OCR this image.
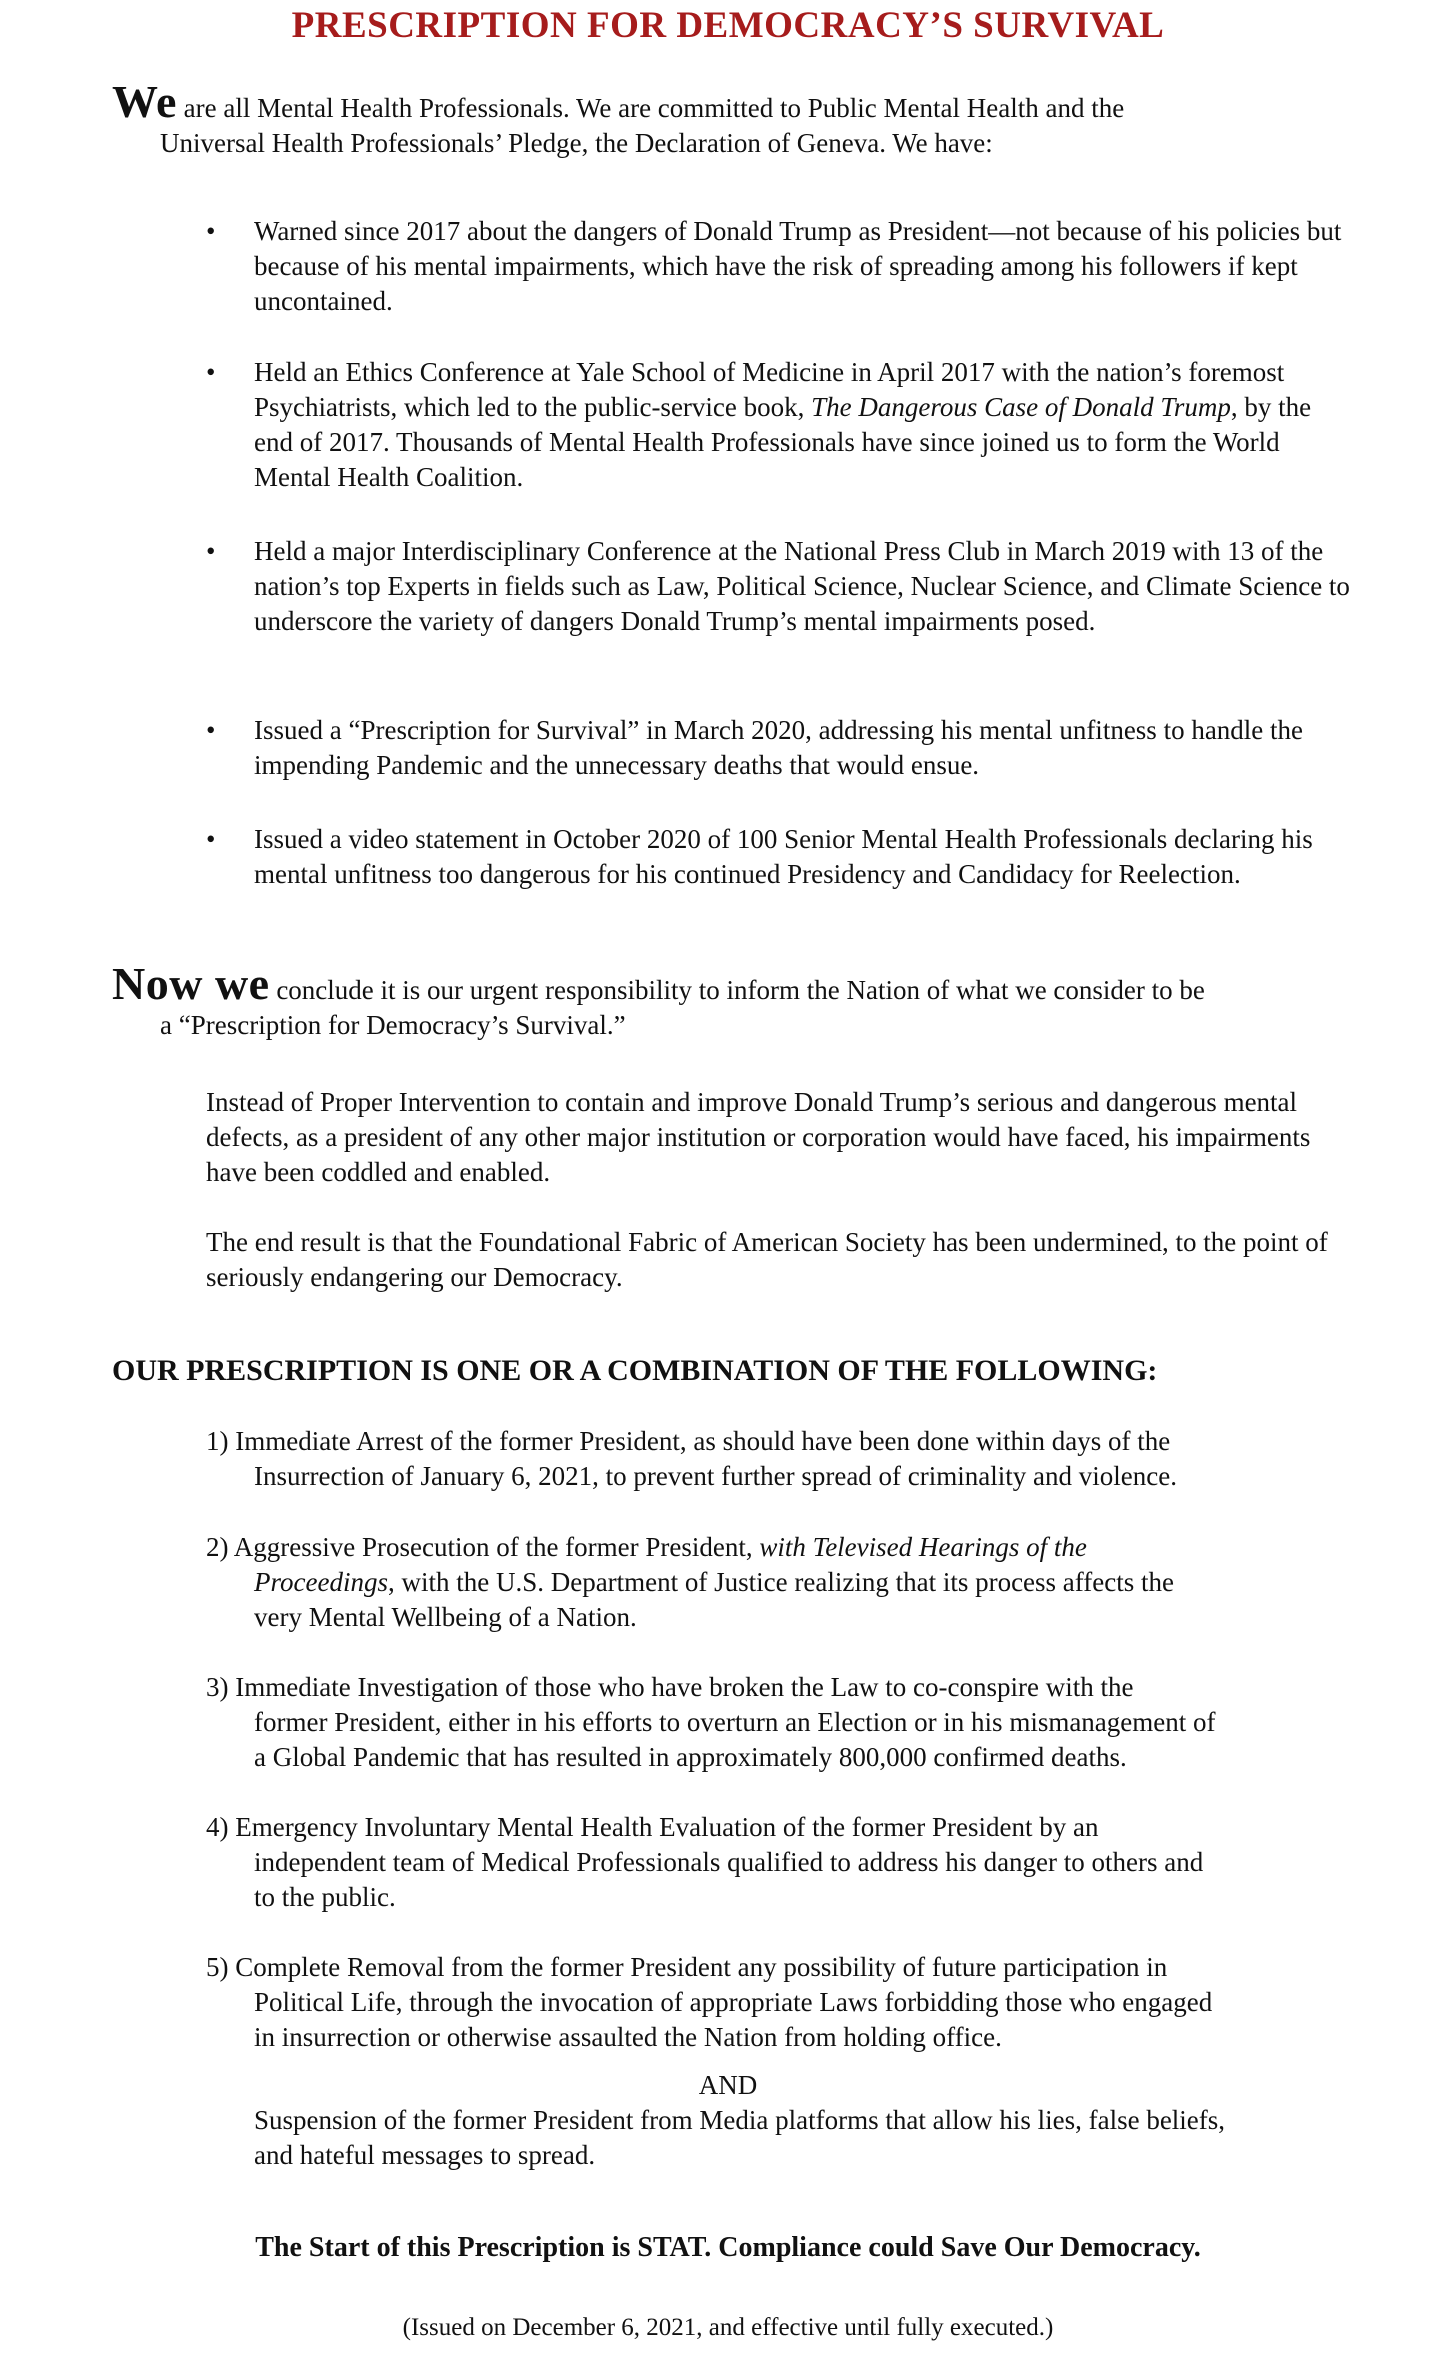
PRESCRIPTION FOR DEMOCRACY’S SURVIVAL
We are all Mental Health Professionals. We are committed to Public Mental Health and the
Universal Health Professionals’ Pledge, the Declaration of Geneva. We have:
• Warned since 2017 about the dangers of Donald Trump as President—not because of his policies but because of his mental impairments, which have the risk of spreading among his followers if kept uncontained.

• Held an Ethics Conference at Yale School of Medicine in April 2017 with the nation’s foremost Psychiatrists, which led to the public-service book, The Dangerous Case of Donald Trump, by the end of 2017. Thousands of Mental Health Professionals have since joined us to form the World Mental Health Coalition.

• Held a major Interdisciplinary Conference at the National Press Club in March 2019 with 13 of the nation’s top Experts in fields such as Law, Political Science, Nuclear Science, and Climate Science to underscore the variety of dangers Donald Trump’s mental impairments posed.

• Issued a “Prescription for Survival” in March 2020, addressing his mental unfitness to handle the impending Pandemic and the unnecessary deaths that would ensue.

• Issued a video statement in October 2020 of 100 Senior Mental Health Professionals declaring his mental unfitness too dangerous for his continued Presidency and Candidacy for Reelection.

Now we conclude it is our urgent responsibility to inform the Nation of what we consider to be
a “Prescription for Democracy’s Survival.”

Instead of Proper Intervention to contain and improve Donald Trump’s serious and dangerous mental defects, as a president of any other major institution or corporation would have faced, his impairments have been coddled and enabled.

The end result is that the Foundational Fabric of American Society has been undermined, to the point of seriously endangering our Democracy.

OUR PRESCRIPTION IS ONE OR A COMBINATION OF THE FOLLOWING:
1) Immediate Arrest of the former President, as should have been done within days of the
Insurrection of January 6, 2021, to prevent further spread of criminality and violence.
2) Aggressive Prosecution of the former President, with Televised Hearings of the
Proceedings, with the U.S. Department of Justice realizing that its process affects the
very Mental Wellbeing of a Nation.
3) Immediate Investigation of those who have broken the Law to co-conspire with the
former President, either in his efforts to overturn an Election or in his mismanagement of
a Global Pandemic that has resulted in approximately 800,000 confirmed deaths.
4) Emergency Involuntary Mental Health Evaluation of the former President by an
independent team of Medical Professionals qualified to address his danger to others and
to the public.
5) Complete Removal from the former President any possibility of future participation in
Political Life, through the invocation of appropriate Laws forbidding those who engaged
in insurrection or otherwise assaulted the Nation from holding office.
AND
Suspension of the former President from Media platforms that allow his lies, false beliefs,
and hateful messages to spread.
The Start of this Prescription is STAT. Compliance could Save Our Democracy.
(Issued on December 6, 2021, and effective until fully executed.)
